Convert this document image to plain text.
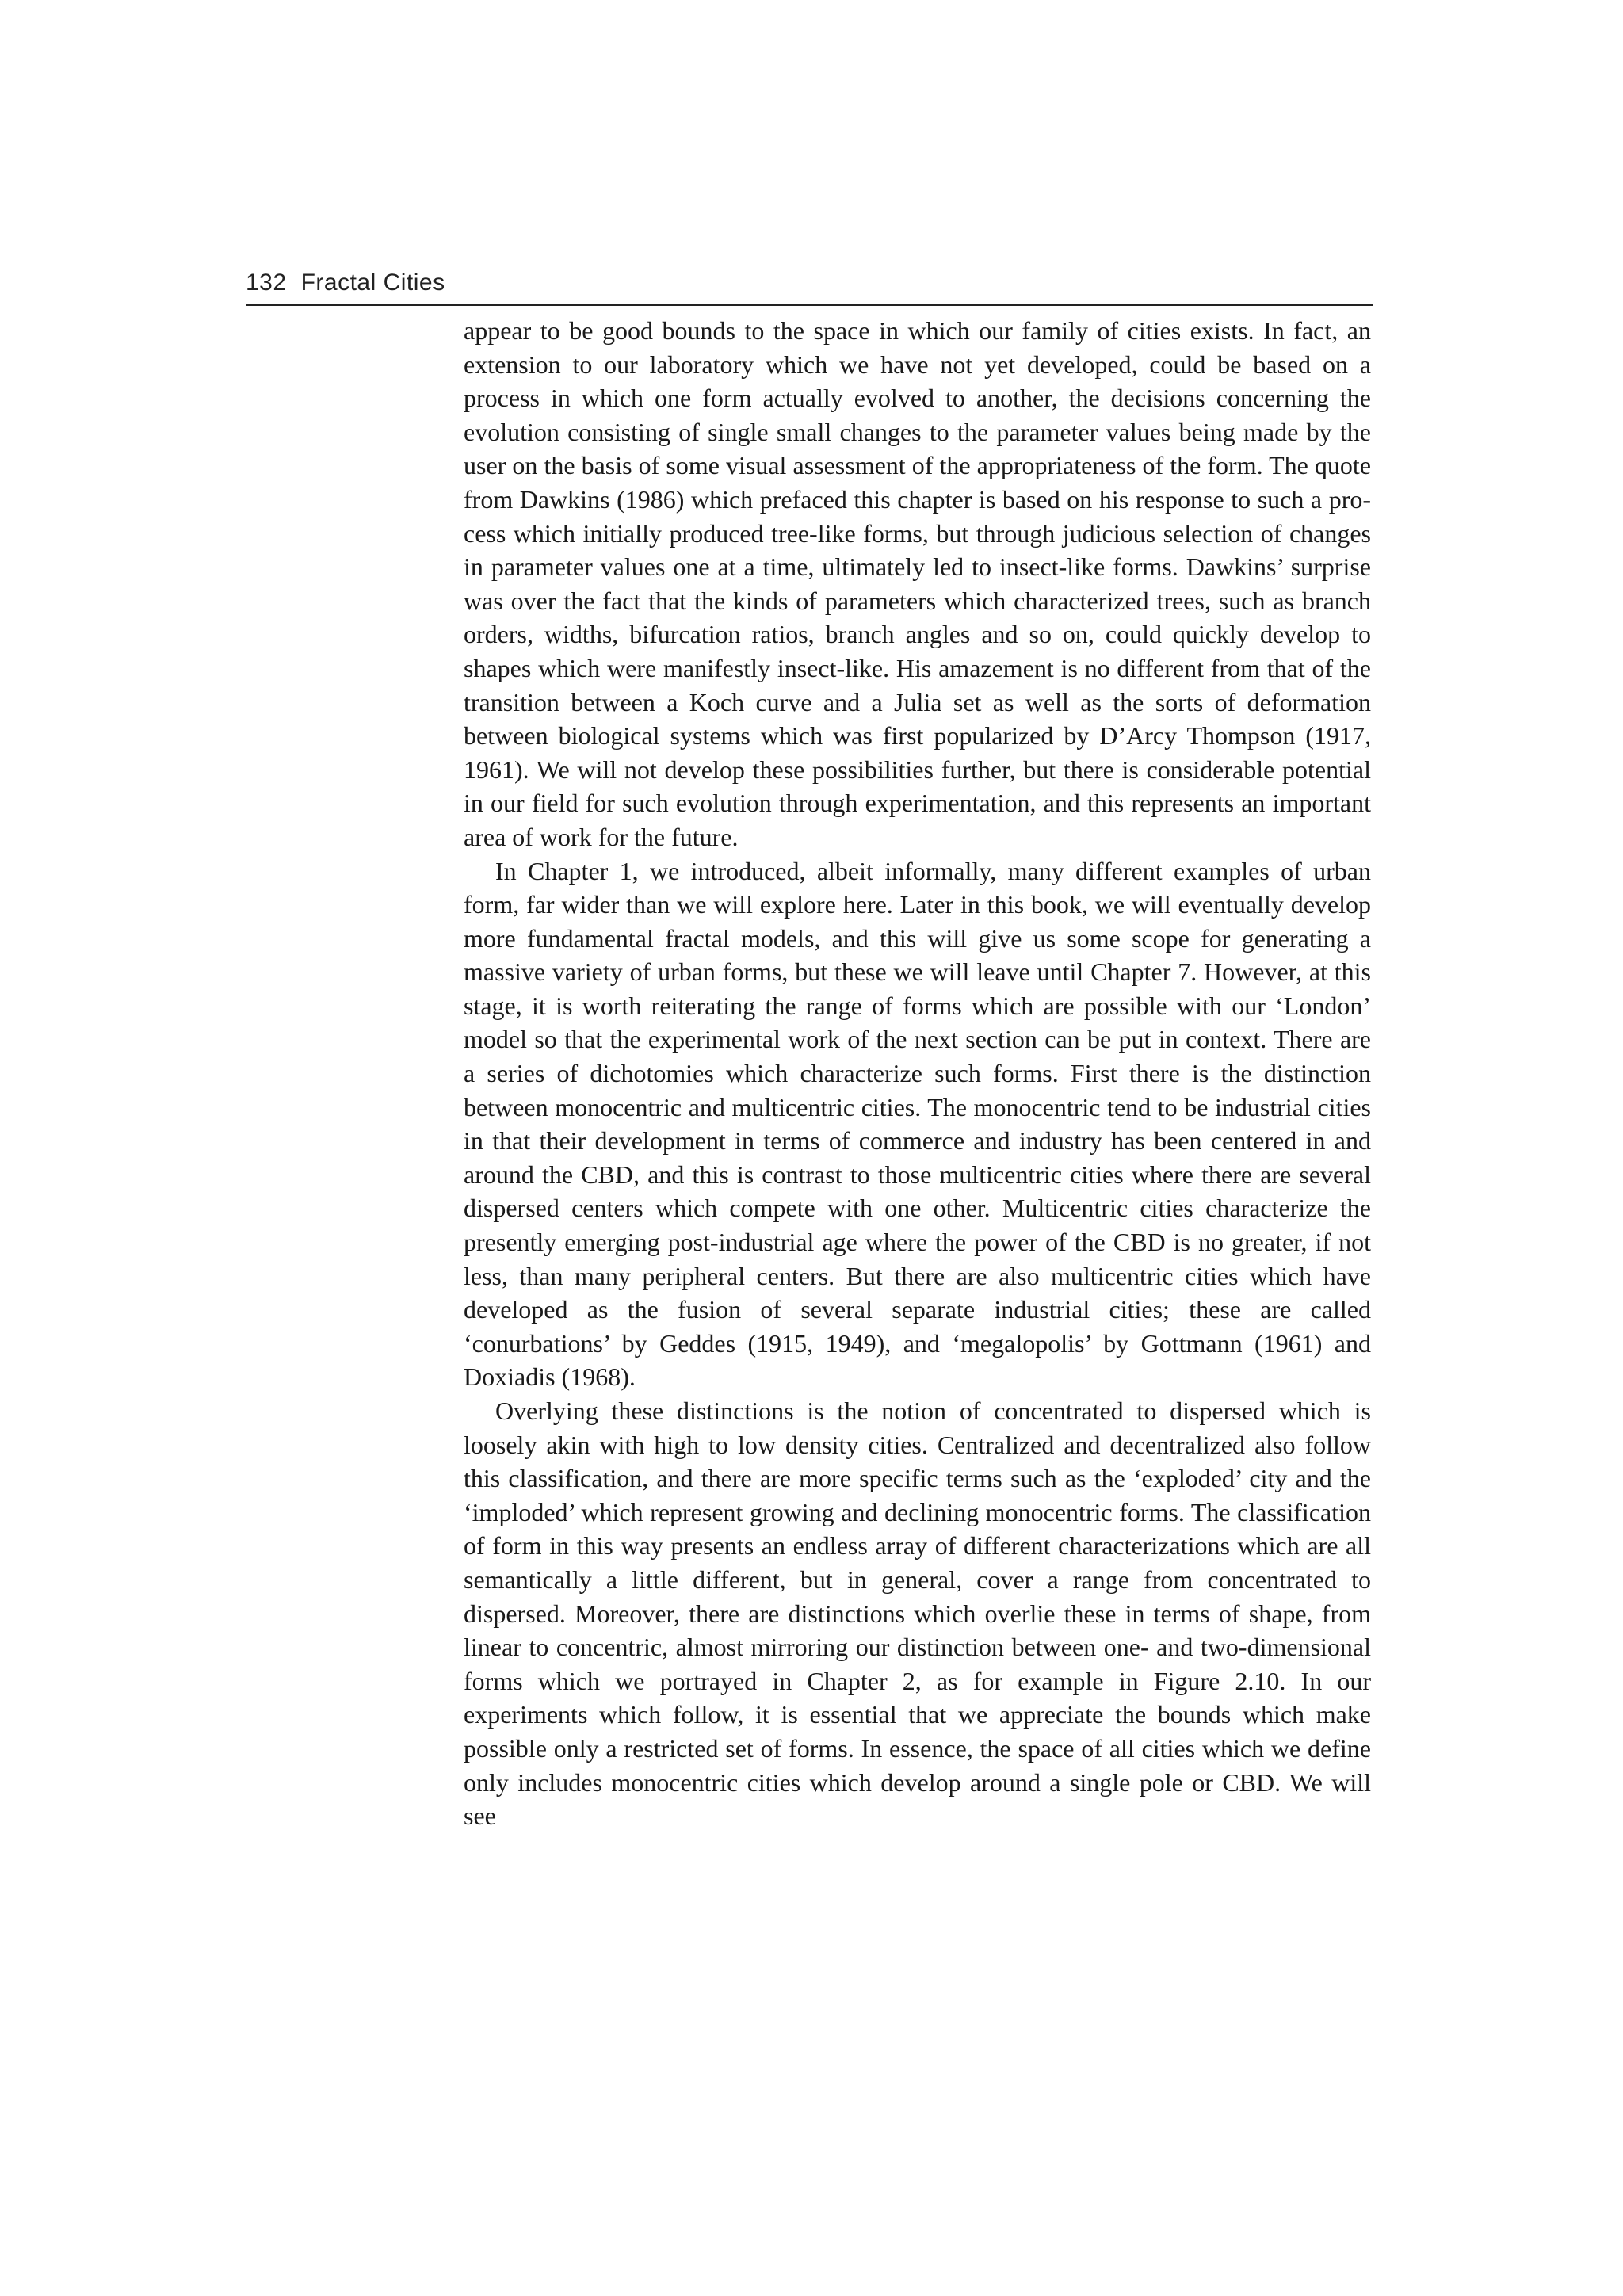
132 Fractal Cities

appear to be good bounds to the space in which our family of cities exists. In fact, an extension to our laboratory which we have not yet developed, could be based on a process in which one form actually evolved to another, the decisions concerning the evolution consisting of single small changes to the parameter values being made by the user on the basis of some visual assessment of the appropriateness of the form. The quote from Dawkins (1986) which prefaced this chapter is based on his response to such a process which initially produced tree-like forms, but through judicious selection of changes in parameter values one at a time, ultimately led to insect-like forms. Dawkins’ surprise was over the fact that the kinds of parameters which characterized trees, such as branch orders, widths, bifurcation ratios, branch angles and so on, could quickly develop to shapes which were manifestly insect-like. His amazement is no different from that of the transition between a Koch curve and a Julia set as well as the sorts of deformation between biological systems which was first popularized by D’Arcy Thompson (1917, 1961). We will not develop these possibilities further, but there is considerable potential in our field for such evolution through experimentation, and this represents an important area of work for the future.

In Chapter 1, we introduced, albeit informally, many different examples of urban form, far wider than we will explore here. Later in this book, we will eventually develop more fundamental fractal models, and this will give us some scope for generating a massive variety of urban forms, but these we will leave until Chapter 7. However, at this stage, it is worth reiterating the range of forms which are possible with our ‘London’ model so that the experimental work of the next section can be put in context. There are a series of dichotomies which characterize such forms. First there is the distinction between monocentric and multicentric cities. The monocentric tend to be industrial cities in that their development in terms of commerce and industry has been centered in and around the CBD, and this is contrast to those multicentric cities where there are several dispersed centers which compete with one other. Multicentric cities characterize the presently emerging post-industrial age where the power of the CBD is no greater, if not less, than many peripheral centers. But there are also multicentric cities which have developed as the fusion of several separate industrial cities; these are called ‘conurbations’ by Geddes (1915, 1949), and ‘megalopolis’ by Gottmann (1961) and Doxiadis (1968).

Overlying these distinctions is the notion of concentrated to dispersed which is loosely akin with high to low density cities. Centralized and decentralized also follow this classification, and there are more specific terms such as the ‘exploded’ city and the ‘imploded’ which represent growing and declining monocentric forms. The classification of form in this way presents an endless array of different characterizations which are all semantically a little different, but in general, cover a range from concentrated to dispersed. Moreover, there are distinctions which overlie these in terms of shape, from linear to concentric, almost mirroring our distinction between one- and two-dimensional forms which we portrayed in Chapter 2, as for example in Figure 2.10. In our experiments which follow, it is essential that we appreciate the bounds which make possible only a restricted set of forms. In essence, the space of all cities which we define only includes monocentric cities which develop around a single pole or CBD. We will see
